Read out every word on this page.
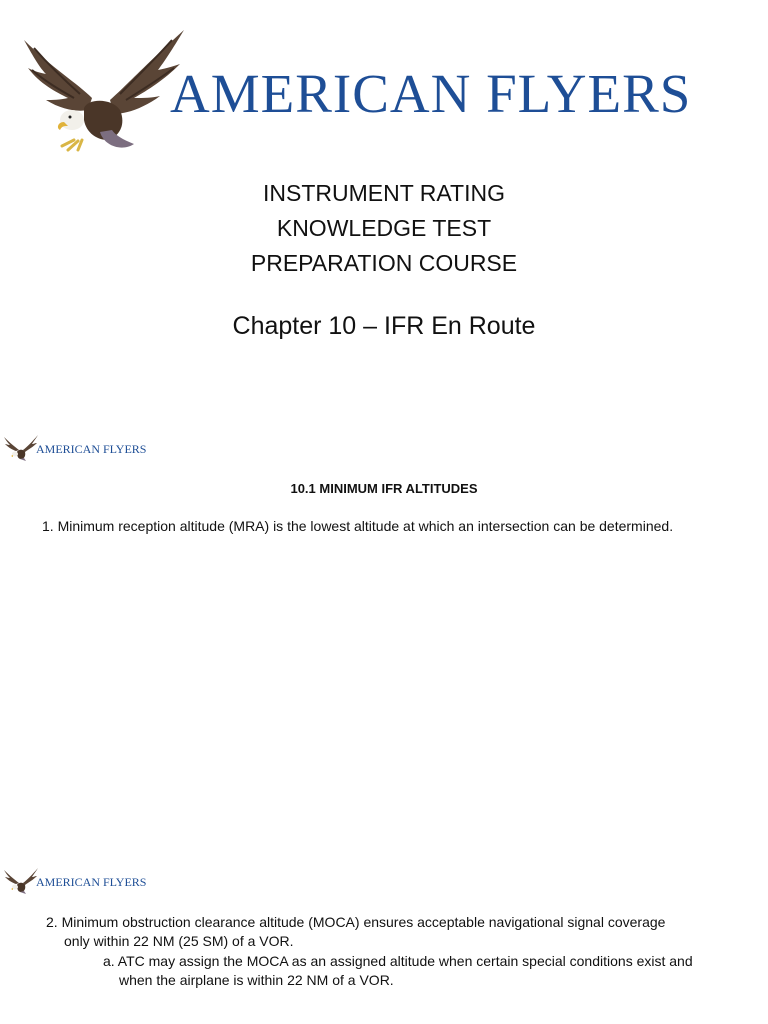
AMERICAN FLYERS
INSTRUMENT RATING
KNOWLEDGE TEST
PREPARATION COURSE
Chapter 10 – IFR En Route
AMERICAN FLYERS
10.1 MINIMUM IFR ALTITUDES
1. Minimum reception altitude (MRA) is the lowest altitude at which an intersection can be determined.
AMERICAN FLYERS
2. Minimum obstruction clearance altitude (MOCA) ensures acceptable navigational signal coverage
only within 22 NM (25 SM) of a VOR.
a. ATC may assign the MOCA as an assigned altitude when certain special conditions exist and
when the airplane is within 22 NM of a VOR.
